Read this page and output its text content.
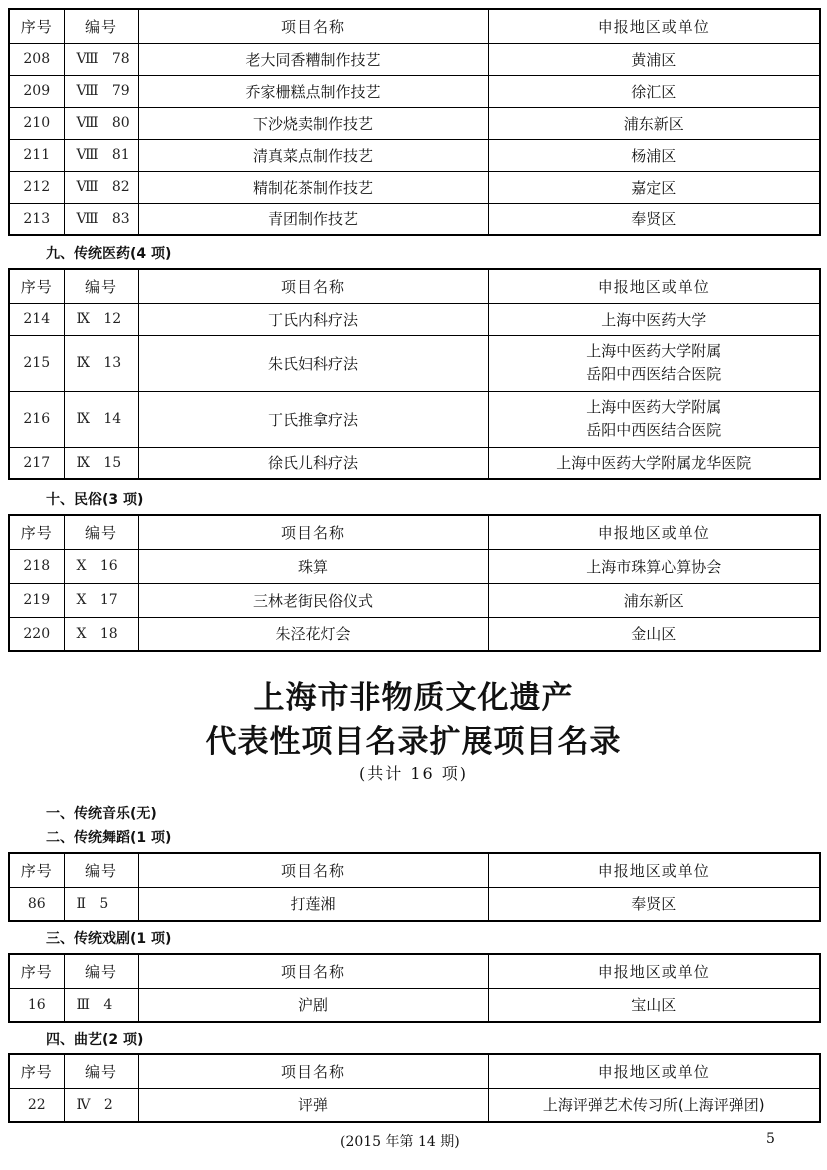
序号	编号	项目名称	申报地区或单位
208	Ⅷ   78	老大同香糟制作技艺	黄浦区
209	Ⅷ   79	乔家栅糕点制作技艺	徐汇区
210	Ⅷ   80	下沙烧卖制作技艺	浦东新区
211	Ⅷ   81	清真菜点制作技艺	杨浦区
212	Ⅷ   82	精制花茶制作技艺	嘉定区
213	Ⅷ   83	青团制作技艺	奉贤区
九、传统医药(4 项)
序号	编号	项目名称	申报地区或单位
214	Ⅸ   12	丁氏内科疗法	上海中医药大学
215	Ⅸ   13	朱氏妇科疗法	上海中医药大学附属
岳阳中西医结合医院

216	Ⅸ   14	丁氏推拿疗法	上海中医药大学附属
岳阳中西医结合医院

217	Ⅸ   15	徐氏儿科疗法	上海中医药大学附属龙华医院
十、民俗(3 项)
序号	编号	项目名称	申报地区或单位
218	Ⅹ   16	珠算	上海市珠算心算协会
219	Ⅹ   17	三林老街民俗仪式	浦东新区
220	Ⅹ   18	朱泾花灯会	金山区
上海市非物质文化遗产
代表性项目名录扩展项目名录
(共计 16 项)
一、传统音乐(无)
二、传统舞蹈(1 项)
序号	编号	项目名称	申报地区或单位
86	Ⅱ   5	打莲湘	奉贤区
三、传统戏剧(1 项)
序号	编号	项目名称	申报地区或单位
16	Ⅲ   4	沪剧	宝山区
四、曲艺(2 项)
序号	编号	项目名称	申报地区或单位
22	Ⅳ   2	评弹	上海评弹艺术传习所(上海评弹团)
(2015 年第 14 期)	5
